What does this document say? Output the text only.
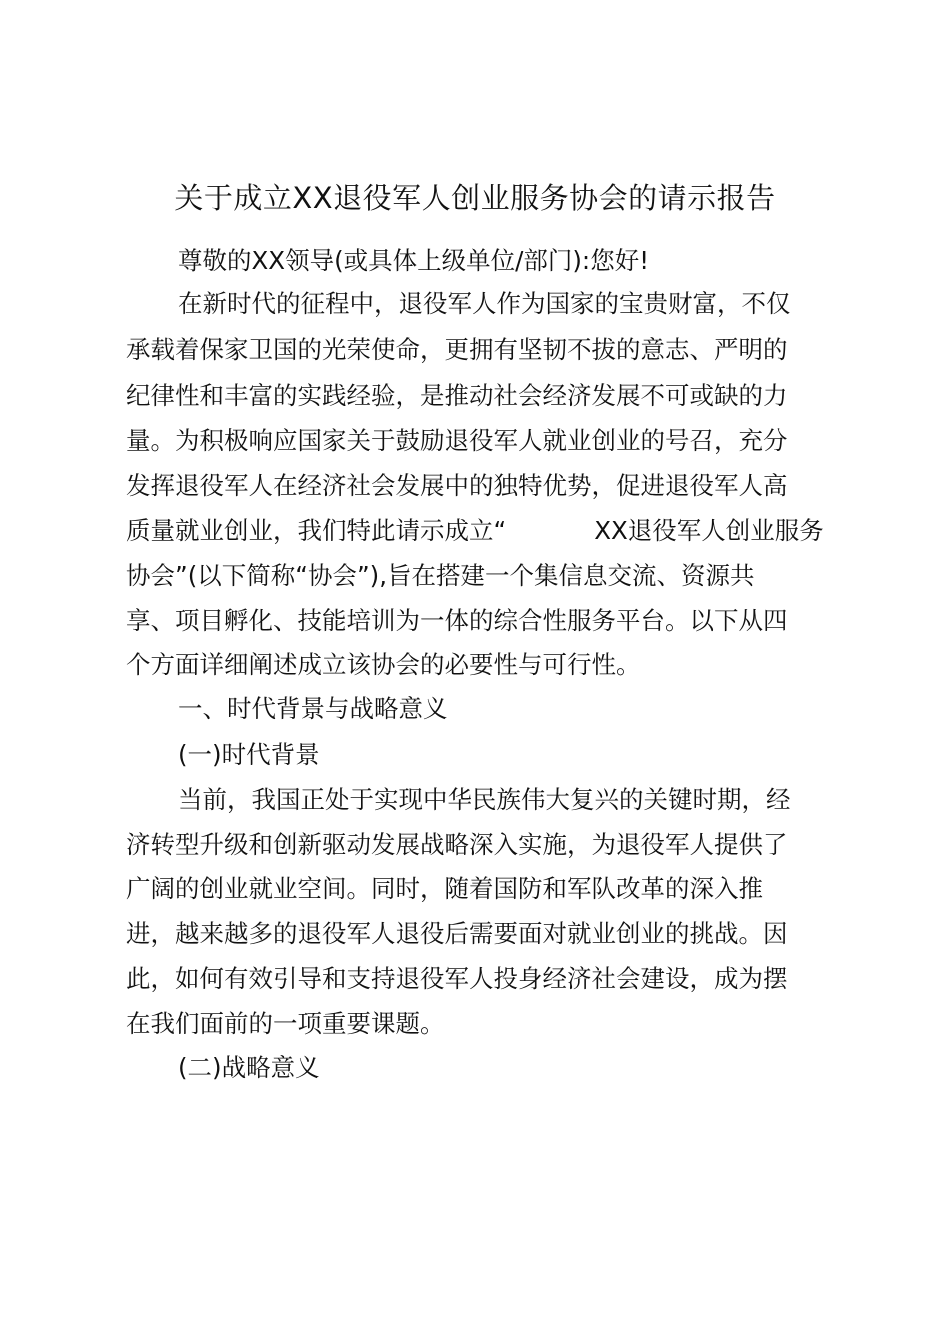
关于成立XX退役军人创业服务协会的请示报告
尊敬的XX领导(或具体上级单位/部门):您好!
在新时代的征程中，退役军人作为国家的宝贵财富，不仅
承载着保家卫国的光荣使命，更拥有坚韧不拔的意志、严明的
纪律性和丰富的实践经验，是推动社会经济发展不可或缺的力
量。为积极响应国家关于鼓励退役军人就业创业的号召，充分
发挥退役军人在经济社会发展中的独特优势，促进退役军人高
质量就业创业，我们特此请示成立“	XX退役军人创业服务
协会”(以下简称“协会”),旨在搭建一个集信息交流、资源共
享、项目孵化、技能培训为一体的综合性服务平台。以下从四
个方面详细阐述成立该协会的必要性与可行性。
一、时代背景与战略意义
(一)时代背景
当前，我国正处于实现中华民族伟大复兴的关键时期，经
济转型升级和创新驱动发展战略深入实施，为退役军人提供了
广阔的创业就业空间。同时，随着国防和军队改革的深入推
进，越来越多的退役军人退役后需要面对就业创业的挑战。因
此，如何有效引导和支持退役军人投身经济社会建设，成为摆
在我们面前的一项重要课题。
(二)战略意义
